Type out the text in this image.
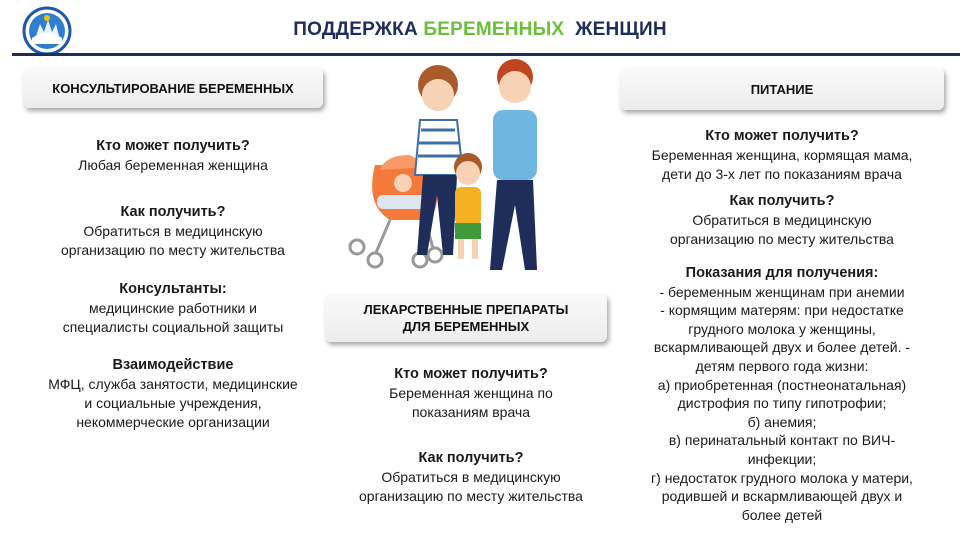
ПОДДЕРЖКА БЕРЕМЕННЫХ ЖЕНЩИН
КОНСУЛЬТИРОВАНИЕ БЕРЕМЕННЫХ
Кто может получить?
Любая беременная женщина
Как получить?
Обратиться в медицинскую
организацию по месту жительства
Консультанты:
медицинские работники и
специалисты социальной защиты
Взаимодействие
МФЦ, служба занятости, медицинские
и социальные учреждения,
некоммерческие организации
ЛЕКАРСТВЕННЫЕ ПРЕПАРАТЫ
ДЛЯ БЕРЕМЕННЫХ
Кто может получить?
Беременная женщина по
показаниям врача
Как получить?
Обратиться в медицинскую
организацию по месту жительства
ПИТАНИЕ
Кто может получить?
Беременная женщина, кормящая мама,
дети до 3-х лет по показаниям врача
Как получить?
Обратиться в медицинскую
организацию по месту жительства
Показания для получения:
- беременным женщинам при анемии
- кормящим матерям: при недостатке
грудного молока у женщины,
вскармливающей двух и более детей. -
детям первого года жизни:
а) приобретенная (постнеонатальная)
дистрофия по типу гипотрофии;
б) анемия;
в) перинатальный контакт по ВИЧ-
инфекции;
г) недостаток грудного молока у матери,
родившей и вскармливающей двух и
более детей
